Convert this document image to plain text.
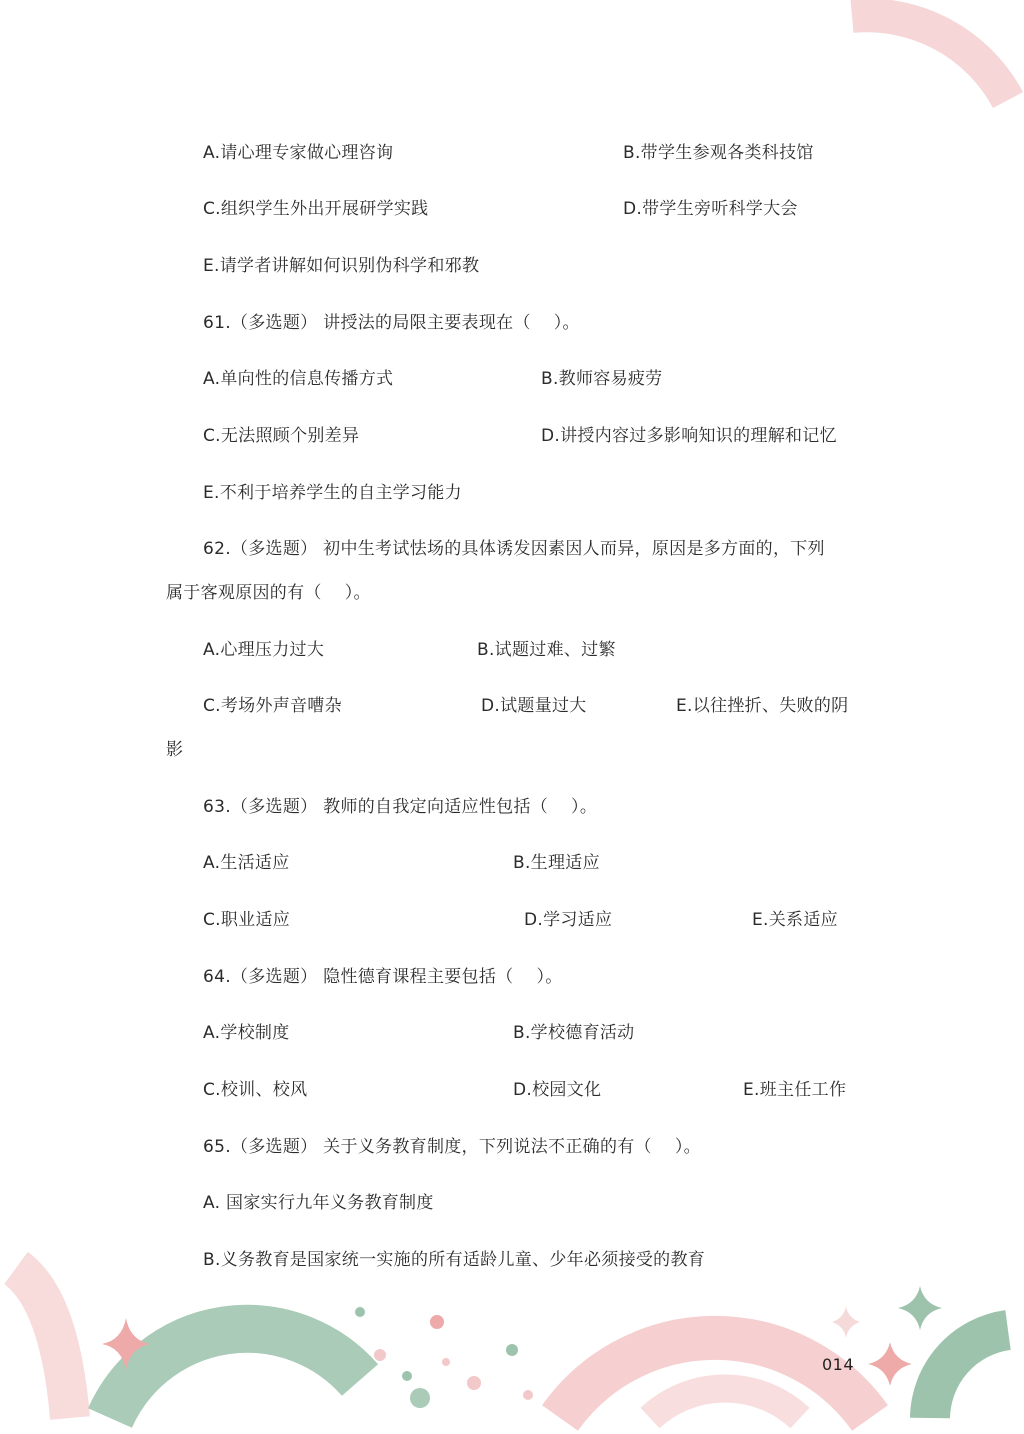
A.请心理专家做心理咨询	B.带学生参观各类科技馆
C.组织学生外出开展研学实践	D.带学生旁听科学大会
E.请学者讲解如何识别伪科学和邪教
61.（多选题） 讲授法的局限主要表现在（　 ）。
A.单向性的信息传播方式	B.教师容易疲劳
C.无法照顾个别差异	D.讲授内容过多影响知识的理解和记忆
E.不利于培养学生的自主学习能力
62.（多选题） 初中生考试怯场的具体诱发因素因人而异，原因是多方面的，下列
属于客观原因的有（　 ）。
A.心理压力过大	B.试题过难、过繁
C.考场外声音嘈杂	D.试题量过大	E.以往挫折、失败的阴
影
63.（多选题） 教师的自我定向适应性包括（　 ）。
A.生活适应	B.生理适应
C.职业适应	D.学习适应	E.关系适应
64.（多选题） 隐性德育课程主要包括（　 ）。
A.学校制度	B.学校德育活动
C.校训、校风	D.校园文化	E.班主任工作
65.（多选题） 关于义务教育制度，下列说法不正确的有（　 ）。
A. 国家实行九年义务教育制度
B.义务教育是国家统一实施的所有适龄儿童、少年必须接受的教育
014
